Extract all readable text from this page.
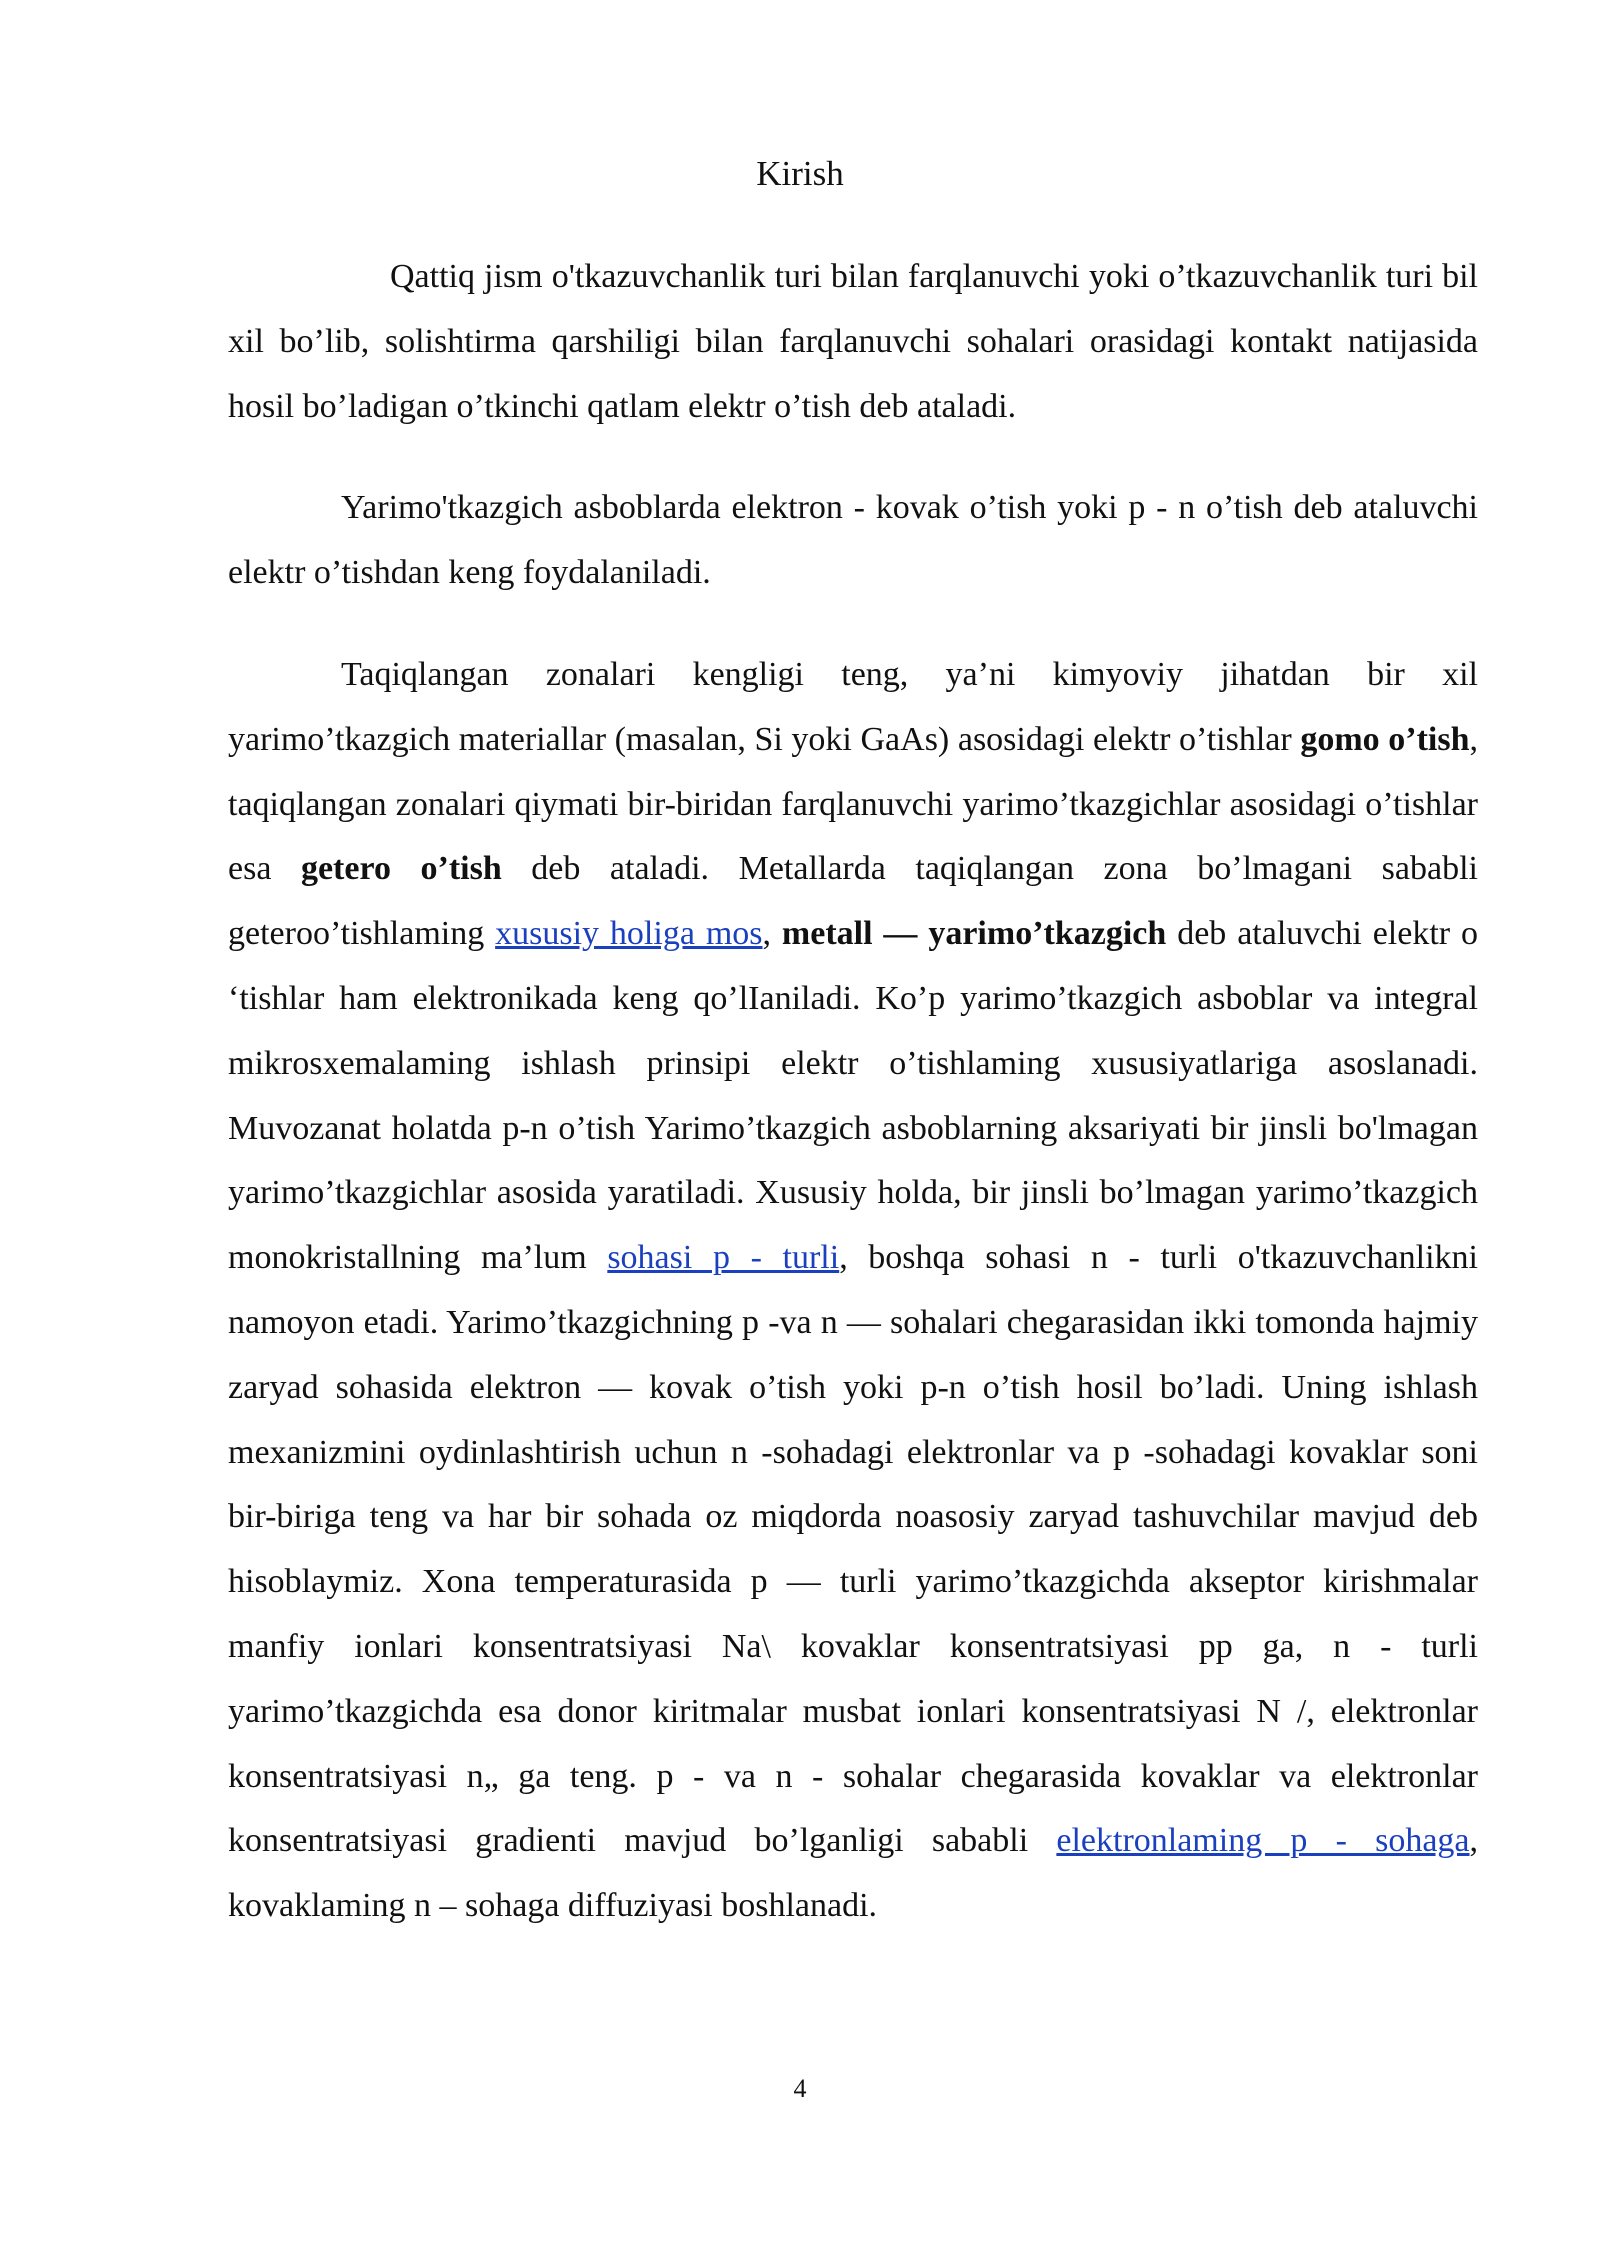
Kirish

Qattiq jism o'tkazuvchanlik turi bilan farqlanuvchi yoki o’tkazuvchanlik turi bil xil bo’lib, solishtirma qarshiligi bilan farqlanuvchi sohalari orasidagi kontakt natijasida hosil bo’ladigan o’tkinchi qatlam elektr o’tish deb ataladi.

Yarimo'tkazgich asboblarda elektron - kovak o’tish yoki p - n o’tish deb ataluvchi elektr o’tishdan keng foydalaniladi.

Taqiqlangan zonalari kengligi teng, ya’ni kimyoviy jihatdan bir xil yarimo’tkazgich materiallar (masalan, Si yoki GaAs) asosidagi elektr o’tishlar gomo o’tish, taqiqlangan zonalari qiymati bir-biridan farqlanuvchi yarimo’tkazgichlar asosidagi o’tishlar esa getero o’tish deb ataladi. Metallarda taqiqlangan zona bo’lmagani sababli geteroo’tishlaming xususiy holiga mos, metall — yarimo’tkazgich deb ataluvchi elektr o ‘tishlar ham elektronikada keng qo’lIaniladi. Ko’p yarimo’tkazgich asboblar va integral mikrosxemalaming ishlash prinsipi elektr o’tishlaming xususiyatlariga asoslanadi. Muvozanat holatda p-n o’tish Yarimo’tkazgich asboblarning aksariyati bir jinsli bo'lmagan yarimo’tkazgichlar asosida yaratiladi. Xususiy holda, bir jinsli bo’lmagan yarimo’tkazgich monokristallning ma’lum sohasi p - turli, boshqa sohasi n - turli o'tkazuvchanlikni namoyon etadi. Yarimo’tkazgichning p -va n — sohalari chegarasidan ikki tomonda hajmiy zaryad sohasida elektron — kovak o’tish yoki p-n o’tish hosil bo’ladi. Uning ishlash mexanizmini oydinlashtirish uchun n -sohadagi elektronlar va p -sohadagi kovaklar soni bir-biriga teng va har bir sohada oz miqdorda noasosiy zaryad tashuvchilar mavjud deb hisoblaymiz. Xona temperaturasida p — turli yarimo’tkazgichda akseptor kirishmalar manfiy ionlari konsentratsiyasi Na\ kovaklar konsentratsiyasi pp ga, n - turli yarimo’tkazgichda esa donor kiritmalar musbat ionlari konsentratsiyasi N /, elektronlar konsentratsiyasi n„ ga teng. p - va n - sohalar chegarasida kovaklar va elektronlar konsentratsiyasi gradienti mavjud bo’lganligi sababli elektronlaming p - sohaga, kovaklaming n – sohaga diffuziyasi boshlanadi.

4
